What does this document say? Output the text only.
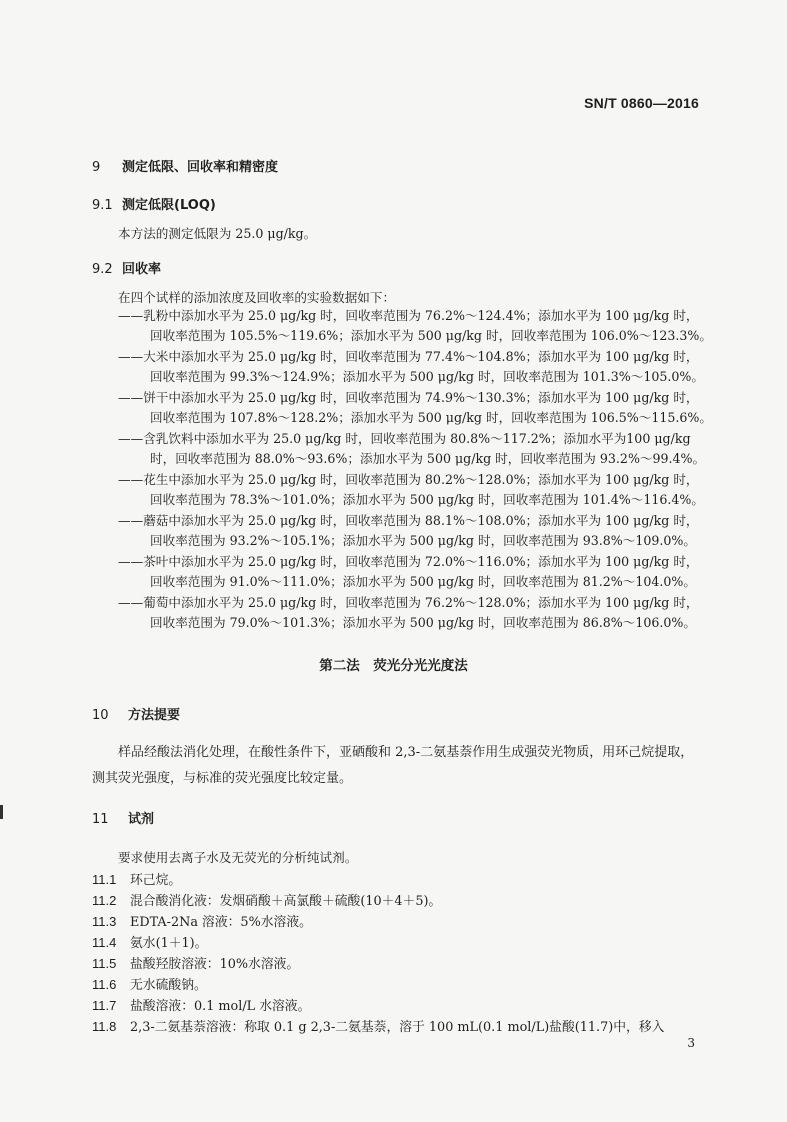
SN/T 0860—2016
9 测定低限、回收率和精密度
9.1 测定低限(LOQ)
本方法的测定低限为 25.0 μg/kg。
9.2 回收率
在四个试样的添加浓度及回收率的实验数据如下：
——乳粉中添加水平为 25.0 μg/kg 时，回收率范围为 76.2%～124.4%；添加水平为 100 μg/kg 时，
回收率范围为 105.5%～119.6%；添加水平为 500 μg/kg 时，回收率范围为 106.0%～123.3%。
——大米中添加水平为 25.0 μg/kg 时，回收率范围为 77.4%～104.8%；添加水平为 100 μg/kg 时，
回收率范围为 99.3%～124.9%；添加水平为 500 μg/kg 时，回收率范围为 101.3%～105.0%。
——饼干中添加水平为 25.0 μg/kg 时，回收率范围为 74.9%～130.3%；添加水平为 100 μg/kg 时，
回收率范围为 107.8%～128.2%；添加水平为 500 μg/kg 时，回收率范围为 106.5%～115.6%。
——含乳饮料中添加水平为 25.0 μg/kg 时，回收率范围为 80.8%～117.2%；添加水平为100 μg/kg
时，回收率范围为 88.0%～93.6%；添加水平为 500 μg/kg 时，回收率范围为 93.2%～99.4%。
——花生中添加水平为 25.0 μg/kg 时，回收率范围为 80.2%～128.0%；添加水平为 100 μg/kg 时，
回收率范围为 78.3%～101.0%；添加水平为 500 μg/kg 时，回收率范围为 101.4%～116.4%。
——蘑菇中添加水平为 25.0 μg/kg 时，回收率范围为 88.1%～108.0%；添加水平为 100 μg/kg 时，
回收率范围为 93.2%～105.1%；添加水平为 500 μg/kg 时，回收率范围为 93.8%～109.0%。
——茶叶中添加水平为 25.0 μg/kg 时，回收率范围为 72.0%～116.0%；添加水平为 100 μg/kg 时，
回收率范围为 91.0%～111.0%；添加水平为 500 μg/kg 时，回收率范围为 81.2%～104.0%。
——葡萄中添加水平为 25.0 μg/kg 时，回收率范围为 76.2%～128.0%；添加水平为 100 μg/kg 时，
回收率范围为 79.0%～101.3%；添加水平为 500 μg/kg 时，回收率范围为 86.8%～106.0%。
第二法　荧光分光光度法
10 方法提要
样品经酸法消化处理，在酸性条件下，亚硒酸和 2,3-二氨基萘作用生成强荧光物质，用环己烷提取，测其荧光强度，与标准的荧光强度比较定量。
11 试剂
要求使用去离子水及无荧光的分析纯试剂。
11.1 环己烷。
11.2 混合酸消化液：发烟硝酸＋高氯酸＋硫酸(10＋4＋5)。
11.3 EDTA-2Na 溶液：5%水溶液。
11.4 氨水(1＋1)。
11.5 盐酸羟胺溶液：10%水溶液。
11.6 无水硫酸钠。
11.7 盐酸溶液：0.1 mol/L 水溶液。
11.8 2,3-二氨基萘溶液：称取 0.1 g 2,3-二氨基萘，溶于 100 mL(0.1 mol/L)盐酸(11.7)中，移入
3
